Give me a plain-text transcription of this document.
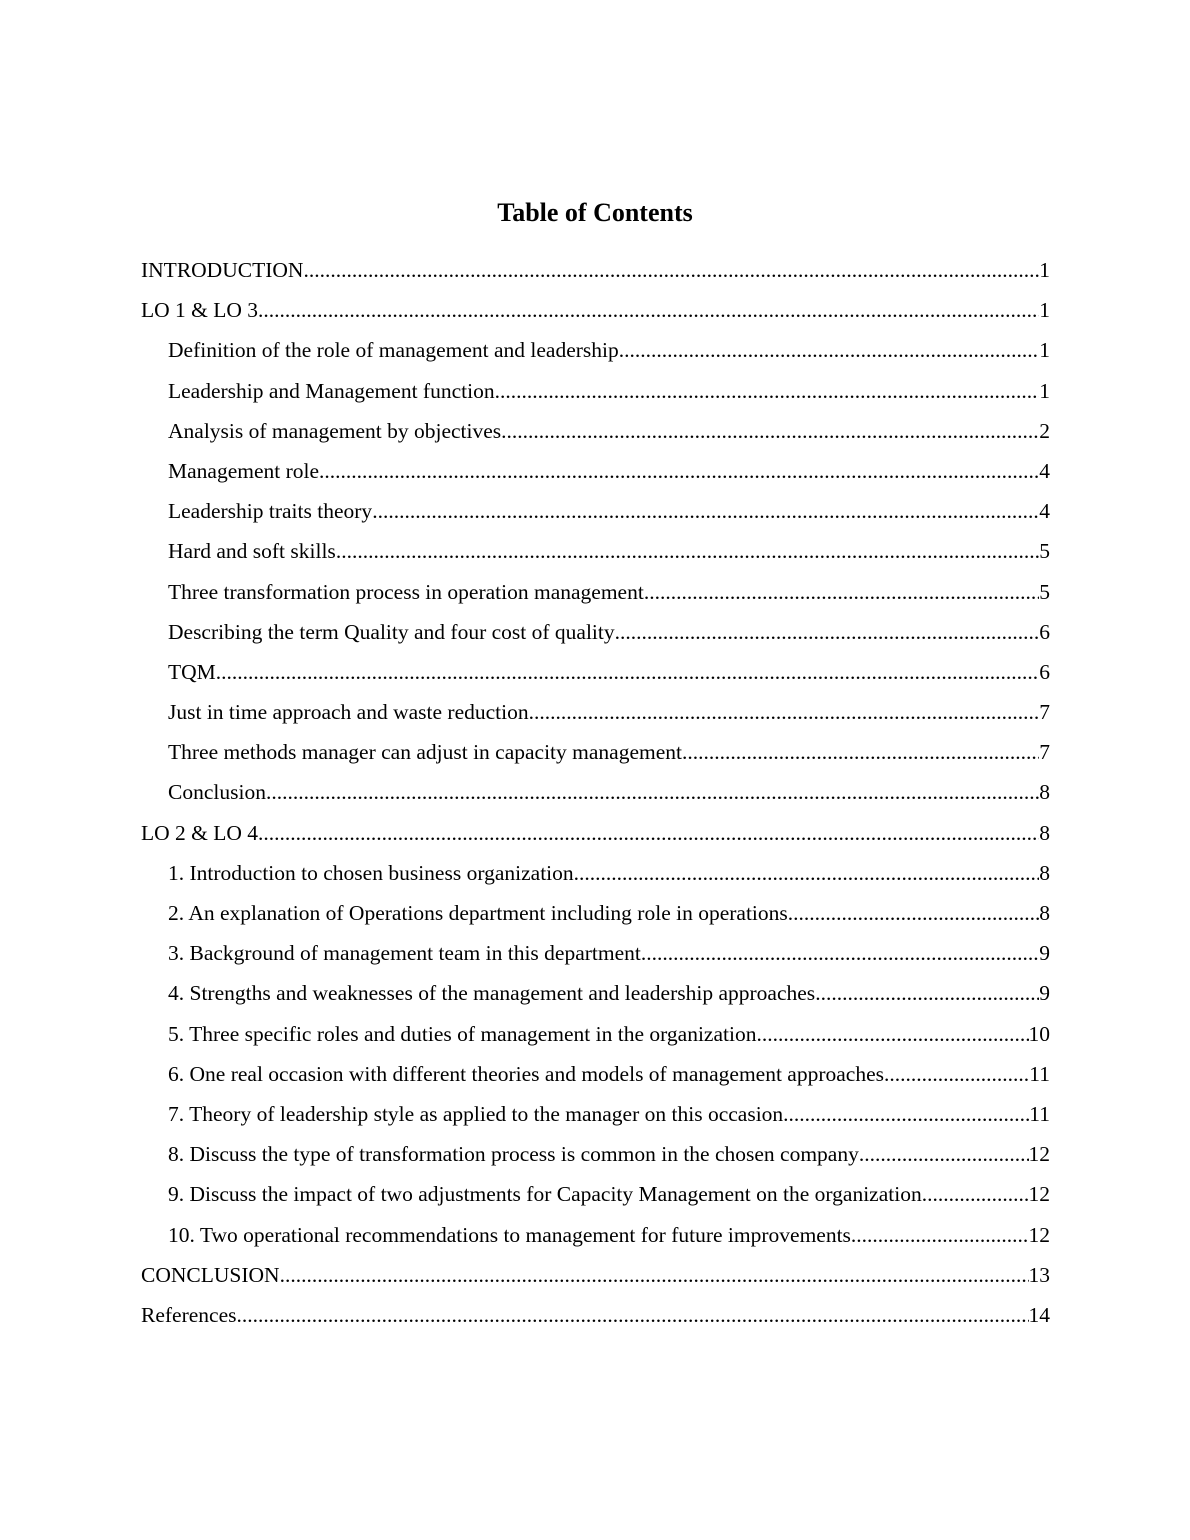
Table of Contents
INTRODUCTION .....	1
LO 1 & LO 3 .....	1
Definition of the role of management and leadership .....	1
Leadership and Management function .....	1
Analysis of management by objectives .....	2
Management role .....	4
Leadership traits theory .....	4
Hard and soft skills .....	5
Three transformation process in operation management .....	5
Describing the term Quality and four cost of quality .....	6
TQM .....	6
Just in time approach and waste reduction .....	7
Three methods manager can adjust in capacity management .....	7
Conclusion .....	8
LO 2 & LO 4 .....	8
1. Introduction to chosen business organization .....	8
2. An explanation of Operations department including role in operations .....	8
3. Background of management team in this department .....	9
4. Strengths and weaknesses of the management and leadership approaches .....	9
5. Three specific roles and duties of management in the organization .....	10
6. One real occasion with different theories and models of management approaches .....	11
7. Theory of leadership style as applied to the manager on this occasion .....	11
8. Discuss the type of transformation process is common in the chosen company .....	12
9. Discuss the impact of two adjustments for Capacity Management on the organization .....	12
10. Two operational recommendations to management for future improvements .....	12
CONCLUSION .....	13
References .....	14
